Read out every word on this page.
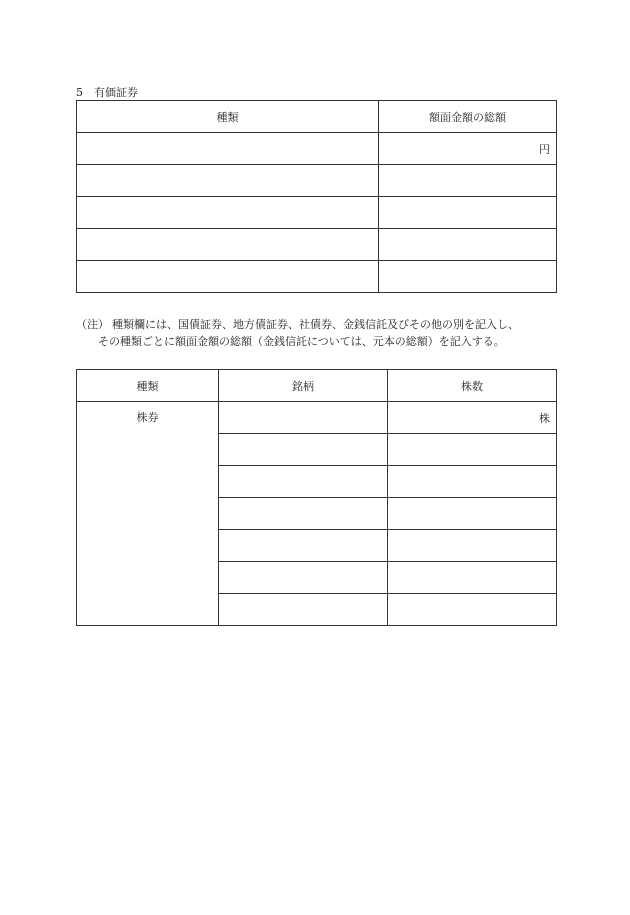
5 有価証券
種類	額面金額の総額
	円

（注） 種類欄には、国債証券、地方債証券、社債券、金銭信託及びその他の別を記入し、
その種類ごとに額面金額の総額（金銭信託については、元本の総額）を記入する。
種類	銘柄	株数
株券		株
